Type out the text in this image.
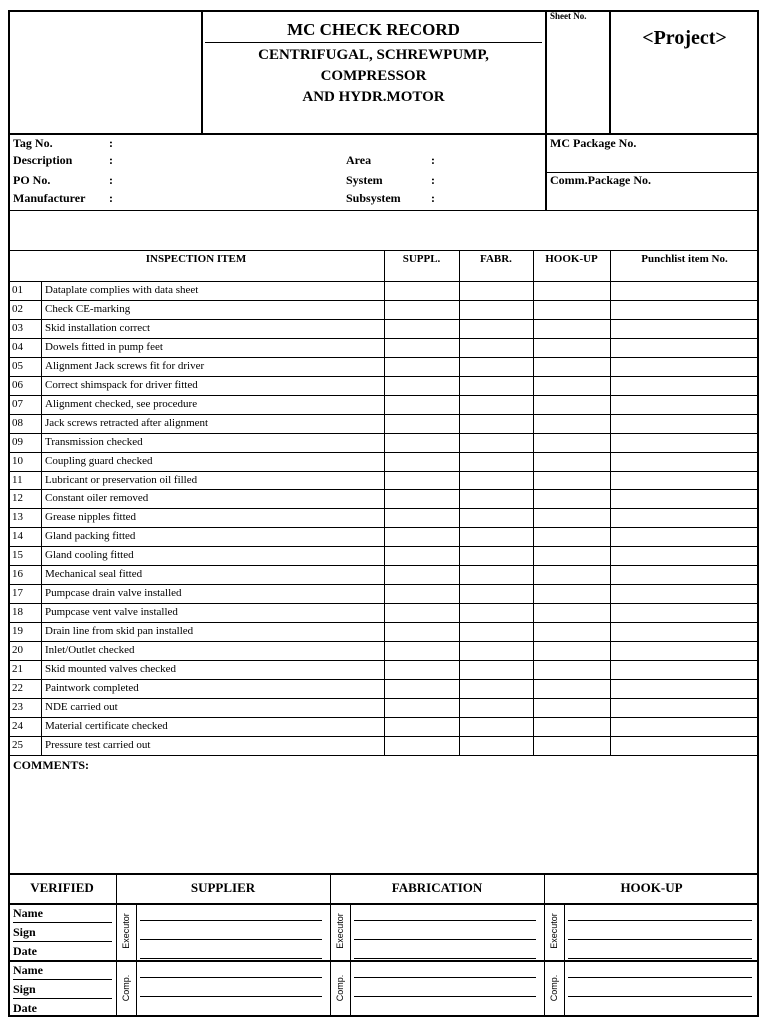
MC CHECK RECORD
CENTRIFUGAL, SCHREWPUMP,
COMPRESSOR
AND HYDR.MOTOR
Sheet No.
<Project>
Tag No.	:
Description	:
PO No.	:
Manufacturer :
Area	:
System	:
Subsystem	:
MC Package No.
Comm.Package No.
INSPECTION ITEM	SUPPL.	FABR.	HOOK-UP	Punchlist item No.
01 Dataplate complies with data sheet
02 Check CE-marking
03 Skid installation correct
04 Dowels fitted in pump feet
05 Alignment Jack screws fit for driver
06 Correct shimspack for driver fitted
07 Alignment checked, see procedure
08 Jack screws retracted after alignment
09 Transmission checked
10 Coupling guard checked
11 Lubricant or preservation oil filled
12 Constant oiler removed
13 Grease nipples fitted
14 Gland packing fitted
15 Gland cooling fitted
16 Mechanical seal fitted
17 Pumpcase drain valve installed
18 Pumpcase vent valve installed
19 Drain line from skid pan installed
20 Inlet/Outlet checked
21 Skid mounted valves checked
22 Paintwork completed
23 NDE carried out
24 Material certificate checked
25 Pressure test carried out
COMMENTS:
VERIFIED	SUPPLIER	FABRICATION	HOOK-UP
Name
Sign
Date
Executor	Executor	Executor
Name
Sign
Date
Comp.	Comp.	Comp.
